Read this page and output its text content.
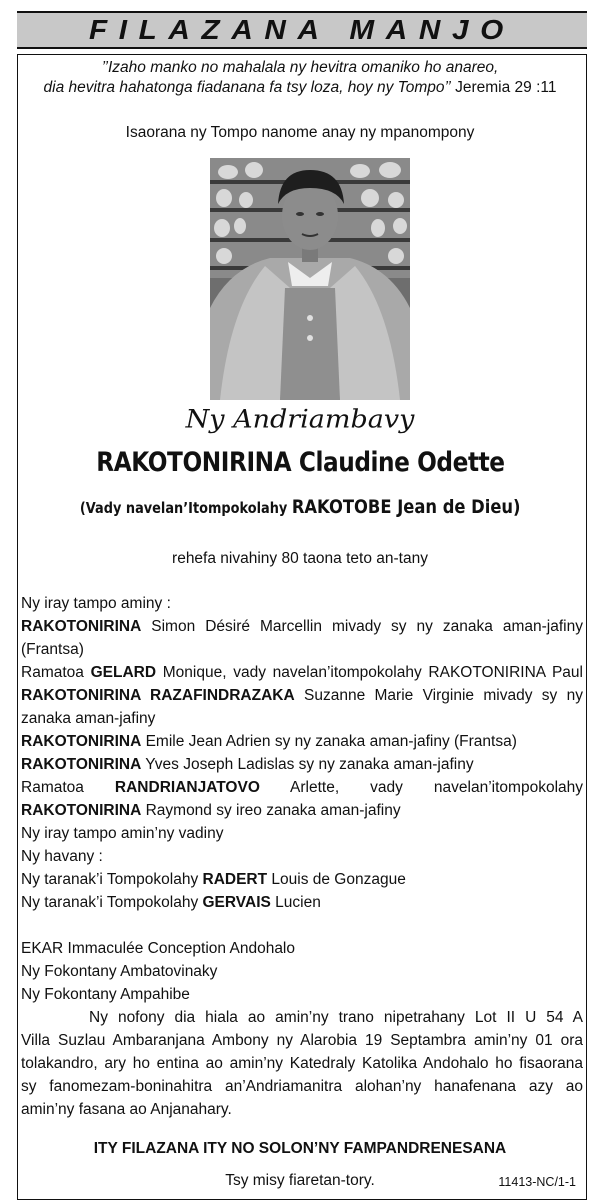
FILAZANA MANJO
’’Izaho manko no mahalala ny hevitra omaniko ho anareo,
dia hevitra hahatonga fiadanana fa tsy loza, hoy ny Tompo’’ Jeremia 29 :11
Isaorana ny Tompo nanome anay ny mpanompony
Ny Andriambavy
RAKOTONIRINA Claudine Odette
(Vady navelan’Itompokolahy RAKOTOBE Jean de Dieu)
rehefa nivahiny 80 taona teto an-tany
Ny iray tampo aminy :
RAKOTONIRINA Simon Désiré Marcellin mivady sy ny zanaka aman-jafiny
(Frantsa)
Ramatoa GELARD Monique, vady navelan’itompokolahy RAKOTONIRINA Paul
RAKOTONIRINA RAZAFINDRAZAKA Suzanne Marie Virginie mivady sy ny
zanaka aman-jafiny
RAKOTONIRINA Emile Jean Adrien sy ny zanaka aman-jafiny (Frantsa)
RAKOTONIRINA Yves Joseph Ladislas sy ny zanaka aman-jafiny
Ramatoa RANDRIANJATOVO Arlette, vady navelan’itompokolahy
RAKOTONIRINA Raymond sy ireo zanaka aman-jafiny
Ny iray tampo amin’ny vadiny
Ny havany :
Ny taranak’i Tompokolahy RADERT Louis de Gonzague
Ny taranak’i Tompokolahy GERVAIS Lucien
EKAR Immaculée Conception Andohalo
Ny Fokontany Ambatovinaky
Ny Fokontany Ampahibe
Ny nofony dia hiala ao amin’ny trano nipetrahany Lot II U 54 A
Villa Suzlau Ambaranjana Ambony ny Alarobia 19 Septambra amin’ny 01 ora
tolakandro, ary ho entina ao amin’ny Katedraly Katolika Andohalo ho fisaorana
sy fanomezam-boninahitra an’Andriamanitra alohan’ny hanafenana azy ao
amin’ny fasana ao Anjanahary.
ITY FILAZANA ITY NO SOLON’NY FAMPANDRENESANA
Tsy misy fiaretan-tory.	11413-NC/1-1
